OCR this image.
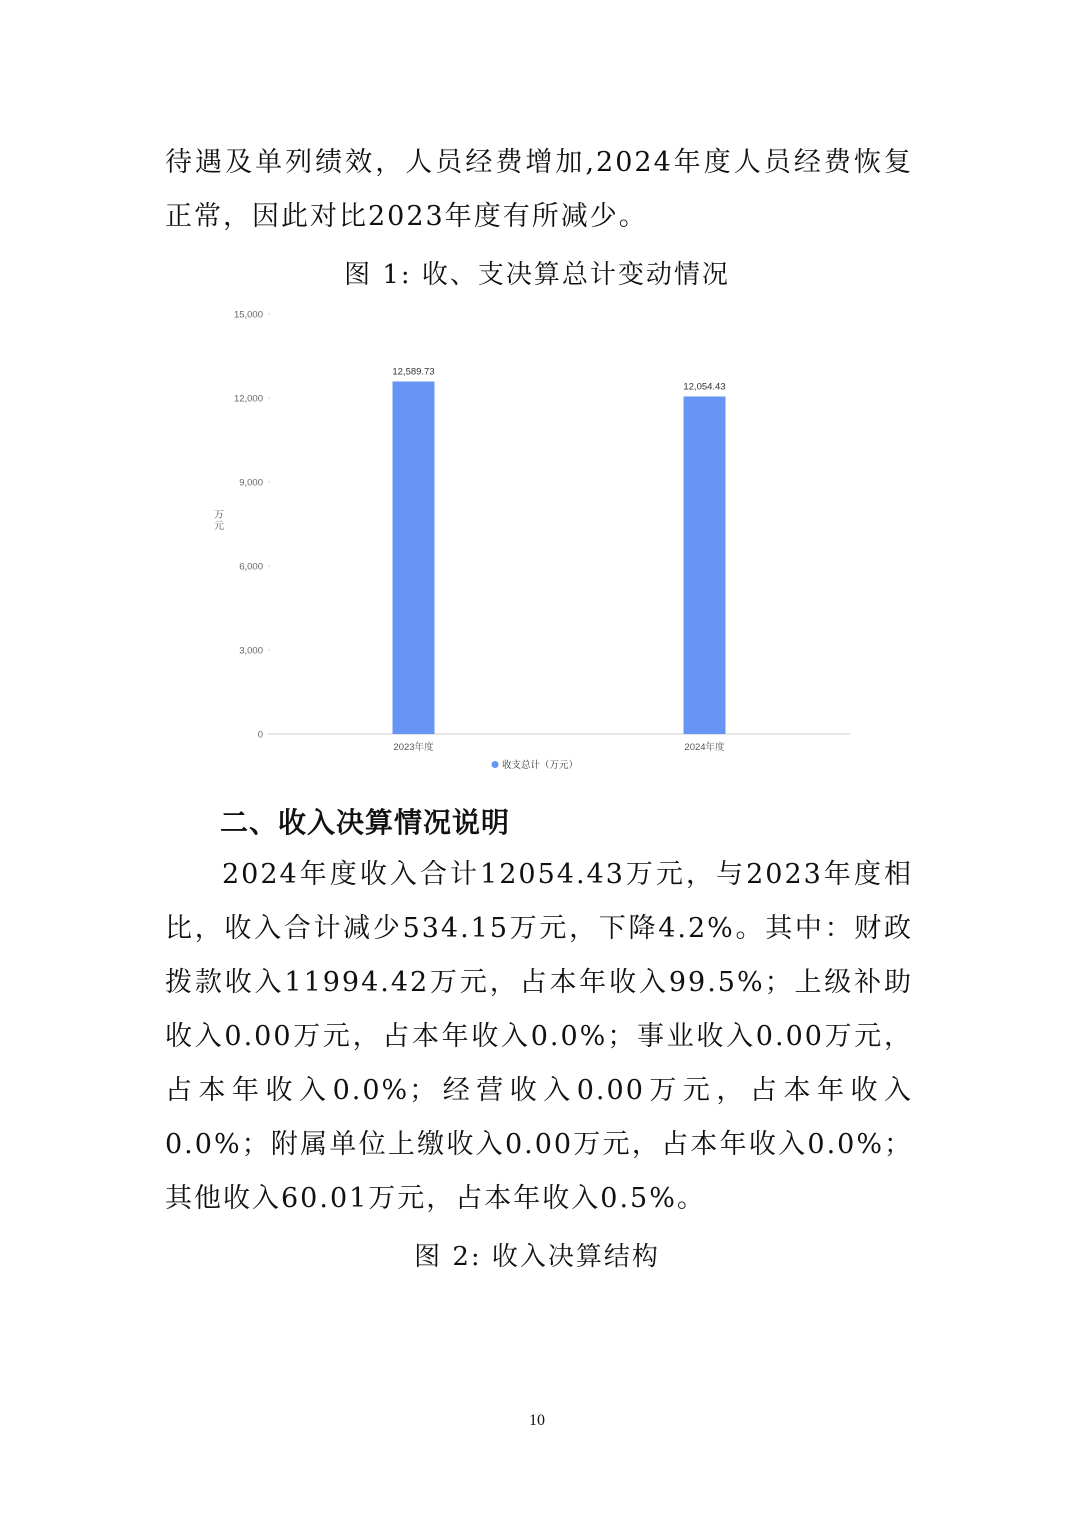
待遇及单列绩效，人员经费增加,2024年度人员经费恢复正常，因此对比2023年度有所减少。

图 1: 收、支决算总计变动情况

0
3,000
6,000
9,000
12,000
15,000
万元
12,589.73
12,054.43
2023年度	2024年度
收支总计（万元）
二、收入决算情况说明

2024年度收入合计12054.43万元，与2023年度相比，收入合计减少534.15万元，下降4.2%。其中：财政拨款收入11994.42万元，占本年收入99.5%；上级补助收入0.00万元，占本年收入0.0%；事业收入0.00万元，占本年收入0.0%；经营收入0.00万元，占本年收入0.0%；附属单位上缴收入0.00万元，占本年收入0.0%；其他收入60.01万元，占本年收入0.5%。

图 2: 收入决算结构

10
